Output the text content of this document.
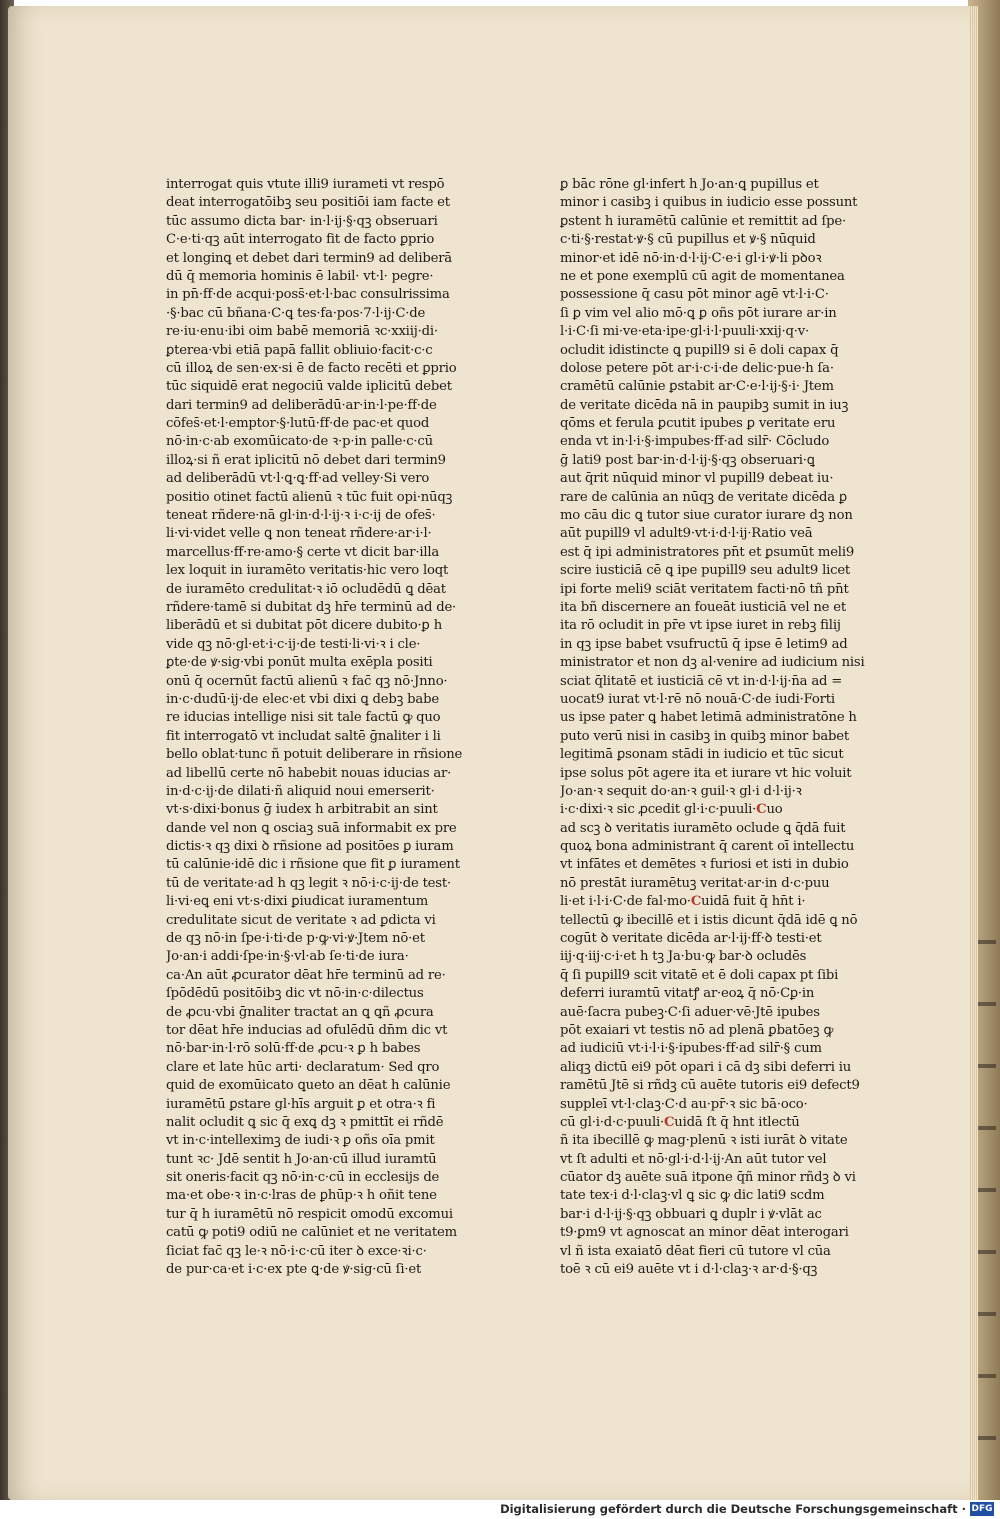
interrogat quis vtute illi9 iurameti vt respō
deat interrogatōibꝫ seu positiōi iam facte et
tūc assumo dicta bar· in·l·ij·§·qꝫ obseruari
C·e·ti·qꝫ aūt interrogato fit de facto ꝑprio
et longinꝗ et debet dari termin9 ad deliberā
dū q̄ memoria hominis ē labil̄· vt·l· pegre·
in pn̄·ff·de acqui·poss̄·et·l·bac consulrissima
·§·bac cū bñana·C·ꝗ tes·fa·pos·7·l·ij·C·de
re·iu·enu·ibi oim babē memoriā ꝛc·xxiij·di·
ꝑterea·vbi etiā papā fallit obliuio·facit·c·c
cū illoꝝ de sen·ex·si ē de facto recēti et ꝑprio
tūc siquidē erat negociū valde iplicitū debet
dari termin9 ad deliberādū·ar·in·l·pe·ff·de
cōfes̄·et·l·emptor·§·lutū·ff·de pac·et quod
nō·in·c·ab exomūicato·de ꝛ·p·in palle·c·cū
illoꝝ·si ñ erat iplicitū nō debet dari termin9
ad deliberādū vt·l·ꝗ·ꝗ·ff·ad velley·Si vero
positio otinet factū alienū ꝛ tūc fuit opi·nūqꝫ
teneat̄ rñdere·nā gl·in·d·l·ij·ꝛ i·c·ij de ofes̄·
li·vi·videt̄ velle ꝗ non teneat̄ rñdere·ar·i·l·
marcellus·ff·re·amo·§ certe vt dicit bar·illa
lex loquit̄ in iuramēto veritatis·hic vero loqt̄
de iuramēto credulitat̄·ꝛ iō ocludēdū ꝗ dēat
rñdere·tamē si dubitat dꝫ hr̄e terminū ad de·
liberādū et si dubitat pōt dicere dubito·ꝑ h̄
vide qꝫ nō·gl·et·i·c·ij·de testi·li·vi·ꝛ i cle·
ꝑte·de ꝟ·sig·vbi ponūt̄ multa exēpla positi
onū q̄ ocernūt factū alienū ꝛ fac̄ qꝫ nō·Jnno·
in·c·dudū·ij·de elec·et vbi dixi ꝗ debꝫ babe
re iducias intellige nisi sit tale factū ꝙ quo
fit interrogatō vt includat̄ saltē ḡnaliter i li
bello oblat̄·tunc ñ potuit deliberare in rñsione
ad libellū certe nō habebit nouas iducias ar·
in·d·c·ij·de dilati·ñ aliquid noui emerserit·
vt·s·dixi·bonus ḡ iudex h̄ arbitrabit̄ an sint
dande vel non ꝗ osciaꝫ suā informabit ex pre
dictis·ꝛ qꝫ dixi ꝺ rñsione ad positōes ꝑ iuram
tū calūnie·idē dic i rñsione que fit ꝑ iurament
tū de veritate·ad h̄ qꝫ legit̄ ꝛ nō·i·c·ij·de test̄·
li·vi·eꝗ eni vt·s·dixi ꝑiudicat iuramentum
credulitate sicut de veritate ꝛ ad ꝑdicta vi
de qꝫ nō·in ſpe·i·ti·de p·ꝙ·vi·ꝟ·Jtem nō·et
Jo·an·i addi·ſpe·in·§·vl·ab ſe·ti·de iura·
ca·An aūt ꝓcurator dēat hr̄e terminū ad re·
ſpōdēdū positōibꝫ dic vt nō·in·c·dilectus
de ꝓcu·vbi ḡnaliter tractat̄ an ꝗ ꝗñ ꝓcura
tor dēat hr̄e inducias ad ofulēdū dn̄m dic vt
nō·bar·in·l·rō solū·ff·de ꝓcu·ꝛ ꝑ h̄ babes
clare et late hūc arti· declaratum· Sed qro
quid de exomūicato ꝗueto an dēat h̄ calūnie
iuramētū ꝑstare gl·hīs arguit ꝑ et otra·ꝛ fi
nalit̄ ocludit ꝗ sic q̄ exꝗ dꝫ ꝛ pmittīt ei rñdē
vt in·c·intelleximꝫ de iudi·ꝛ ꝑ oñs oīa pmit
tunt̄ ꝛc· Jdē sentit h̄ Jo·an·cū illud iuramtū
sit oneris·facit qꝫ nō·in·c·cū in ecclesijs de
ma·et obe·ꝛ in·c·l̄ras de ꝑhūp·ꝛ h̄ oñit tene
tur q̄ h̄ iuramētū nō respicit omodū excomui
catū ꝙ poti9 odiū ne calūniet et ne veritatem
ſiciat fac̄ qꝫ le·ꝛ nō·i·c·cū iter ꝺ exce·ꝛi·c·
de pur·ca·et i·c·ex pte ꝗ·de ꝟ·sig·cū ſi·et
ꝑ bāc rōne gl·infert h̄ Jo·an·ꝗ pupillus et
minor i casibꝫ i quibus in iudicio esse possunt
ꝑstent h̄ iuramētū calūnie et remittit ad ſpe·
c·ti·§·restat·ꝟ·§ cū pupillus et ꝟ·§ nūquid
minor·et idē nō·in·d·l·ij·C·e·i gl·i·ꝟ·li pꝺoꝛ
ne et pone exemplū cū agit̄ de momentanea
possessione q̄ casu pōt minor agē vt·l·i·C·
ſi ꝑ vim vel alio mō·ꝗ ꝑ oñs pōt iurare ar·in
l·i·C·ſi mi·ve·eta·ipe·gl·i·l·puuli·xxij·q·v·
ocludit idistincte ꝗ pupill9 si ē doli capax q̄
dolose petere pōt ar·i·c·i·de delic·pue·h̄ ſa·
cramētū calūnie ꝑstabit ar·C·e·l·ij·§·i· Jtem
de veritate dicēda nā in paupibꝫ sumit̄ in iuꝫ
qōms et ferula ꝑcutit̄ ipubes ꝑ veritate eru
enda vt in·l·i·§·impubes·ff·ad silr̄· Cōcludo
ḡ lati9 post bar·in·d·l·ij·§·qꝫ obseruari·ꝗ
aut q̄rit̄ nūquid minor vl̄ pupill9 debeat iu·
rare de calūnia an nūqꝫ de veritate dicēda ꝑ
mo cāu dic ꝗ tutor siue curator iurare dꝫ non
aūt pupill9 vl̄ adult9·vt·i·d·l·ij·Ratio veā
est q̄ ipi administratores pn̄t et ꝑsumūt̄ meli9
scire iusticiā cē ꝗ ipe pupill9 seu adult9 licet
ipi forte meli9 sciāt veritatem facti·nō tñ pn̄t
ita bñ discernere an foueāt iusticiā vel ne et
ita rō ocludit in pr̄e vt ipse iuret in rebꝫ filij
in qꝫ ipse babet vsufructū q̄ ipse ē letim9 ad
ministrator et non dꝫ al̄·venire ad iudicium nisi
sciat q̄litatē et iusticiā cē vt in·d·l·ij·n̄a ad =
uocat9 iurat vt·l·rē nō nouā·C·de iudi·Forti
us ipse pater ꝗ habet letimā administratōne h̄
puto verū nisi in casibꝫ in quibꝫ minor babet
legitimā ꝑsonam stādi in iudicio et tūc sicut
ipse solus pōt agere ita et iurare vt hic voluit
Jo·an·ꝛ sequit̄ do·an·ꝛ guil·ꝛ gl·i d·l·ij·ꝛ
i·c·dixi·ꝛ sic ꝓcedit gl·i·c·puuli·Cuo
ad scꝫ ꝺ veritatis iuramēto oclude ꝗ q̄dā fuit
quoꝝ bona administrant̄ q̄ carent oī intellectu
vt infātes et demētes ꝛ furiosi et isti in dubio
nō prestāt iuramētuꝫ veritat̄·ar·in d·c·puu
li·et i·l·i·C·de fal·mo·Cuidā fuit q̄ hn̄t i·
tellectū ꝙ ibecillē et i istis dicunt q̄dā idē ꝗ nō
cogūt̄ ꝺ veritate dicēda ar·l·ij·ff·ꝺ testi·et
iij·q·iij·c·i·et h̄ tꝫ Ja·bu·ꝙ bar·ꝺ ocludēs
q̄ ſi pupill9 scit vitatē et ē doli capax pt ſibi
deferri iuramtū vitatꝭ ar·eoꝝ q̄ nō·Cꝑ·in
auē·ſacra pubeꝫ·C·ſi aduer·vē·Jtē ipubes
pōt exaiari vt testis nō ad plenā ꝑbatōeꝫ ꝙ
ad iudiciū vt·i·l·i·§·ipubes·ff·ad silr̄·§ cum
aliqꝫ dictū ei9 pōt opari i cā dꝫ sibi deferri iu
ramētū Jtē si rñdꝫ cū auēte tutoris ei9 defect9
suppleī vt·l·claꝫ·C·d au·pr̄·ꝛ sic bā·oco·
cū gl·i·d·c·puuli·Cuidā ſt q̄ hnt itlectū
ñ ita ibecillē ꝙ mag·plenū ꝛ isti iurāt ꝺ vitate
vt ſt adulti et nō·gl·i·d·l·ij·An aūt tutor vel
cūator dꝫ auēte suā itpone q̄ñ minor rñdꝫ ꝺ vi
tate tex·i d·l·claꝫ·vl̄ ꝗ sic ꝙ dic lati9 scdm
bar·i d·l·ij·§·qꝫ obbuari ꝗ dupl̄r i ꝟ·vlāt ac
t9·ꝑm9 vt agnoscat̄ an minor dēat interogari
vl̄ ñ ista exaiatō dēat fieri cū tutore vl̄ cūa
toē ꝛ cū ei9 auēte vt i d·l·claꝫ·ꝛ ar·d·§·qꝫ
Digitalisierung gefördert durch die Deutsche Forschungsgemeinschaft · DFG
